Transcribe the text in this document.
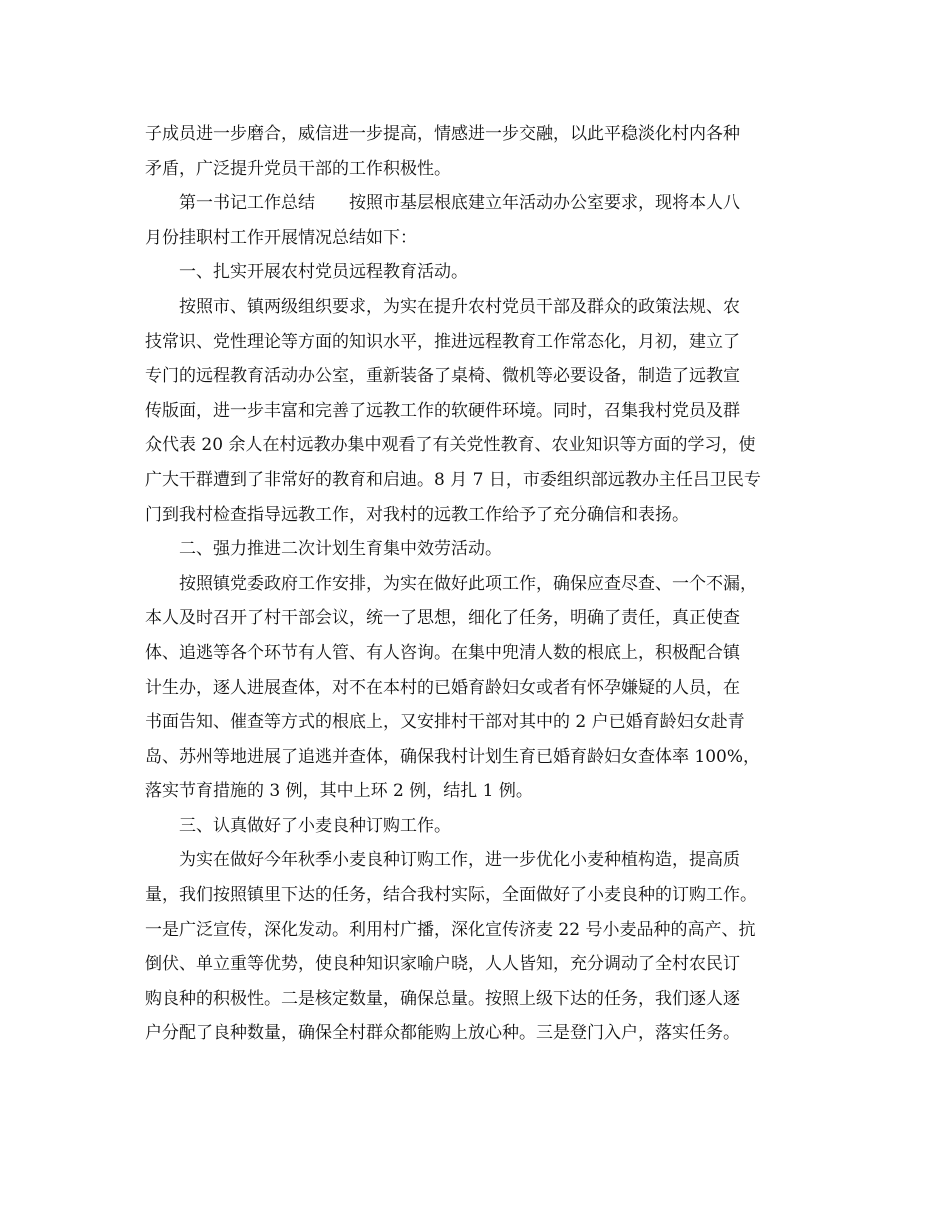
子成员进一步磨合，威信进一步提高，情感进一步交融，以此平稳淡化村内各种
矛盾，广泛提升党员干部的工作积极性。
第一书记工作总结 按照市基层根底建立年活动办公室要求，现将本人八
月份挂职村工作开展情况总结如下：
一、扎实开展农村党员远程教育活动。
按照市、镇两级组织要求，为实在提升农村党员干部及群众的政策法规、农
技常识、党性理论等方面的知识水平，推进远程教育工作常态化，月初，建立了
专门的远程教育活动办公室，重新装备了桌椅、微机等必要设备，制造了远教宣
传版面，进一步丰富和完善了远教工作的软硬件环境。同时，召集我村党员及群
众代表 20 余人在村远教办集中观看了有关党性教育、农业知识等方面的学习，使
广大干群遭到了非常好的教育和启迪。8 月 7 日，市委组织部远教办主任吕卫民专
门到我村检查指导远教工作，对我村的远教工作给予了充分确信和表扬。
二、强力推进二次计划生育集中效劳活动。
按照镇党委政府工作安排，为实在做好此项工作，确保应查尽查、一个不漏，
本人及时召开了村干部会议，统一了思想，细化了任务，明确了责任，真正使查
体、追逃等各个环节有人管、有人咨询。在集中兜清人数的根底上，积极配合镇
计生办，逐人进展查体，对不在本村的已婚育龄妇女或者有怀孕嫌疑的人员，在
书面告知、催查等方式的根底上，又安排村干部对其中的 2 户已婚育龄妇女赴青
岛、苏州等地进展了追逃并查体，确保我村计划生育已婚育龄妇女查体率 100%，
落实节育措施的 3 例，其中上环 2 例，结扎 1 例。
三、认真做好了小麦良种订购工作。
为实在做好今年秋季小麦良种订购工作，进一步优化小麦种植构造，提高质
量，我们按照镇里下达的任务，结合我村实际，全面做好了小麦良种的订购工作。
一是广泛宣传，深化发动。利用村广播，深化宣传济麦 22 号小麦品种的高产、抗
倒伏、单立重等优势，使良种知识家喻户晓，人人皆知，充分调动了全村农民订
购良种的积极性。二是核定数量，确保总量。按照上级下达的任务，我们逐人逐
户分配了良种数量，确保全村群众都能购上放心种。三是登门入户，落实任务。
